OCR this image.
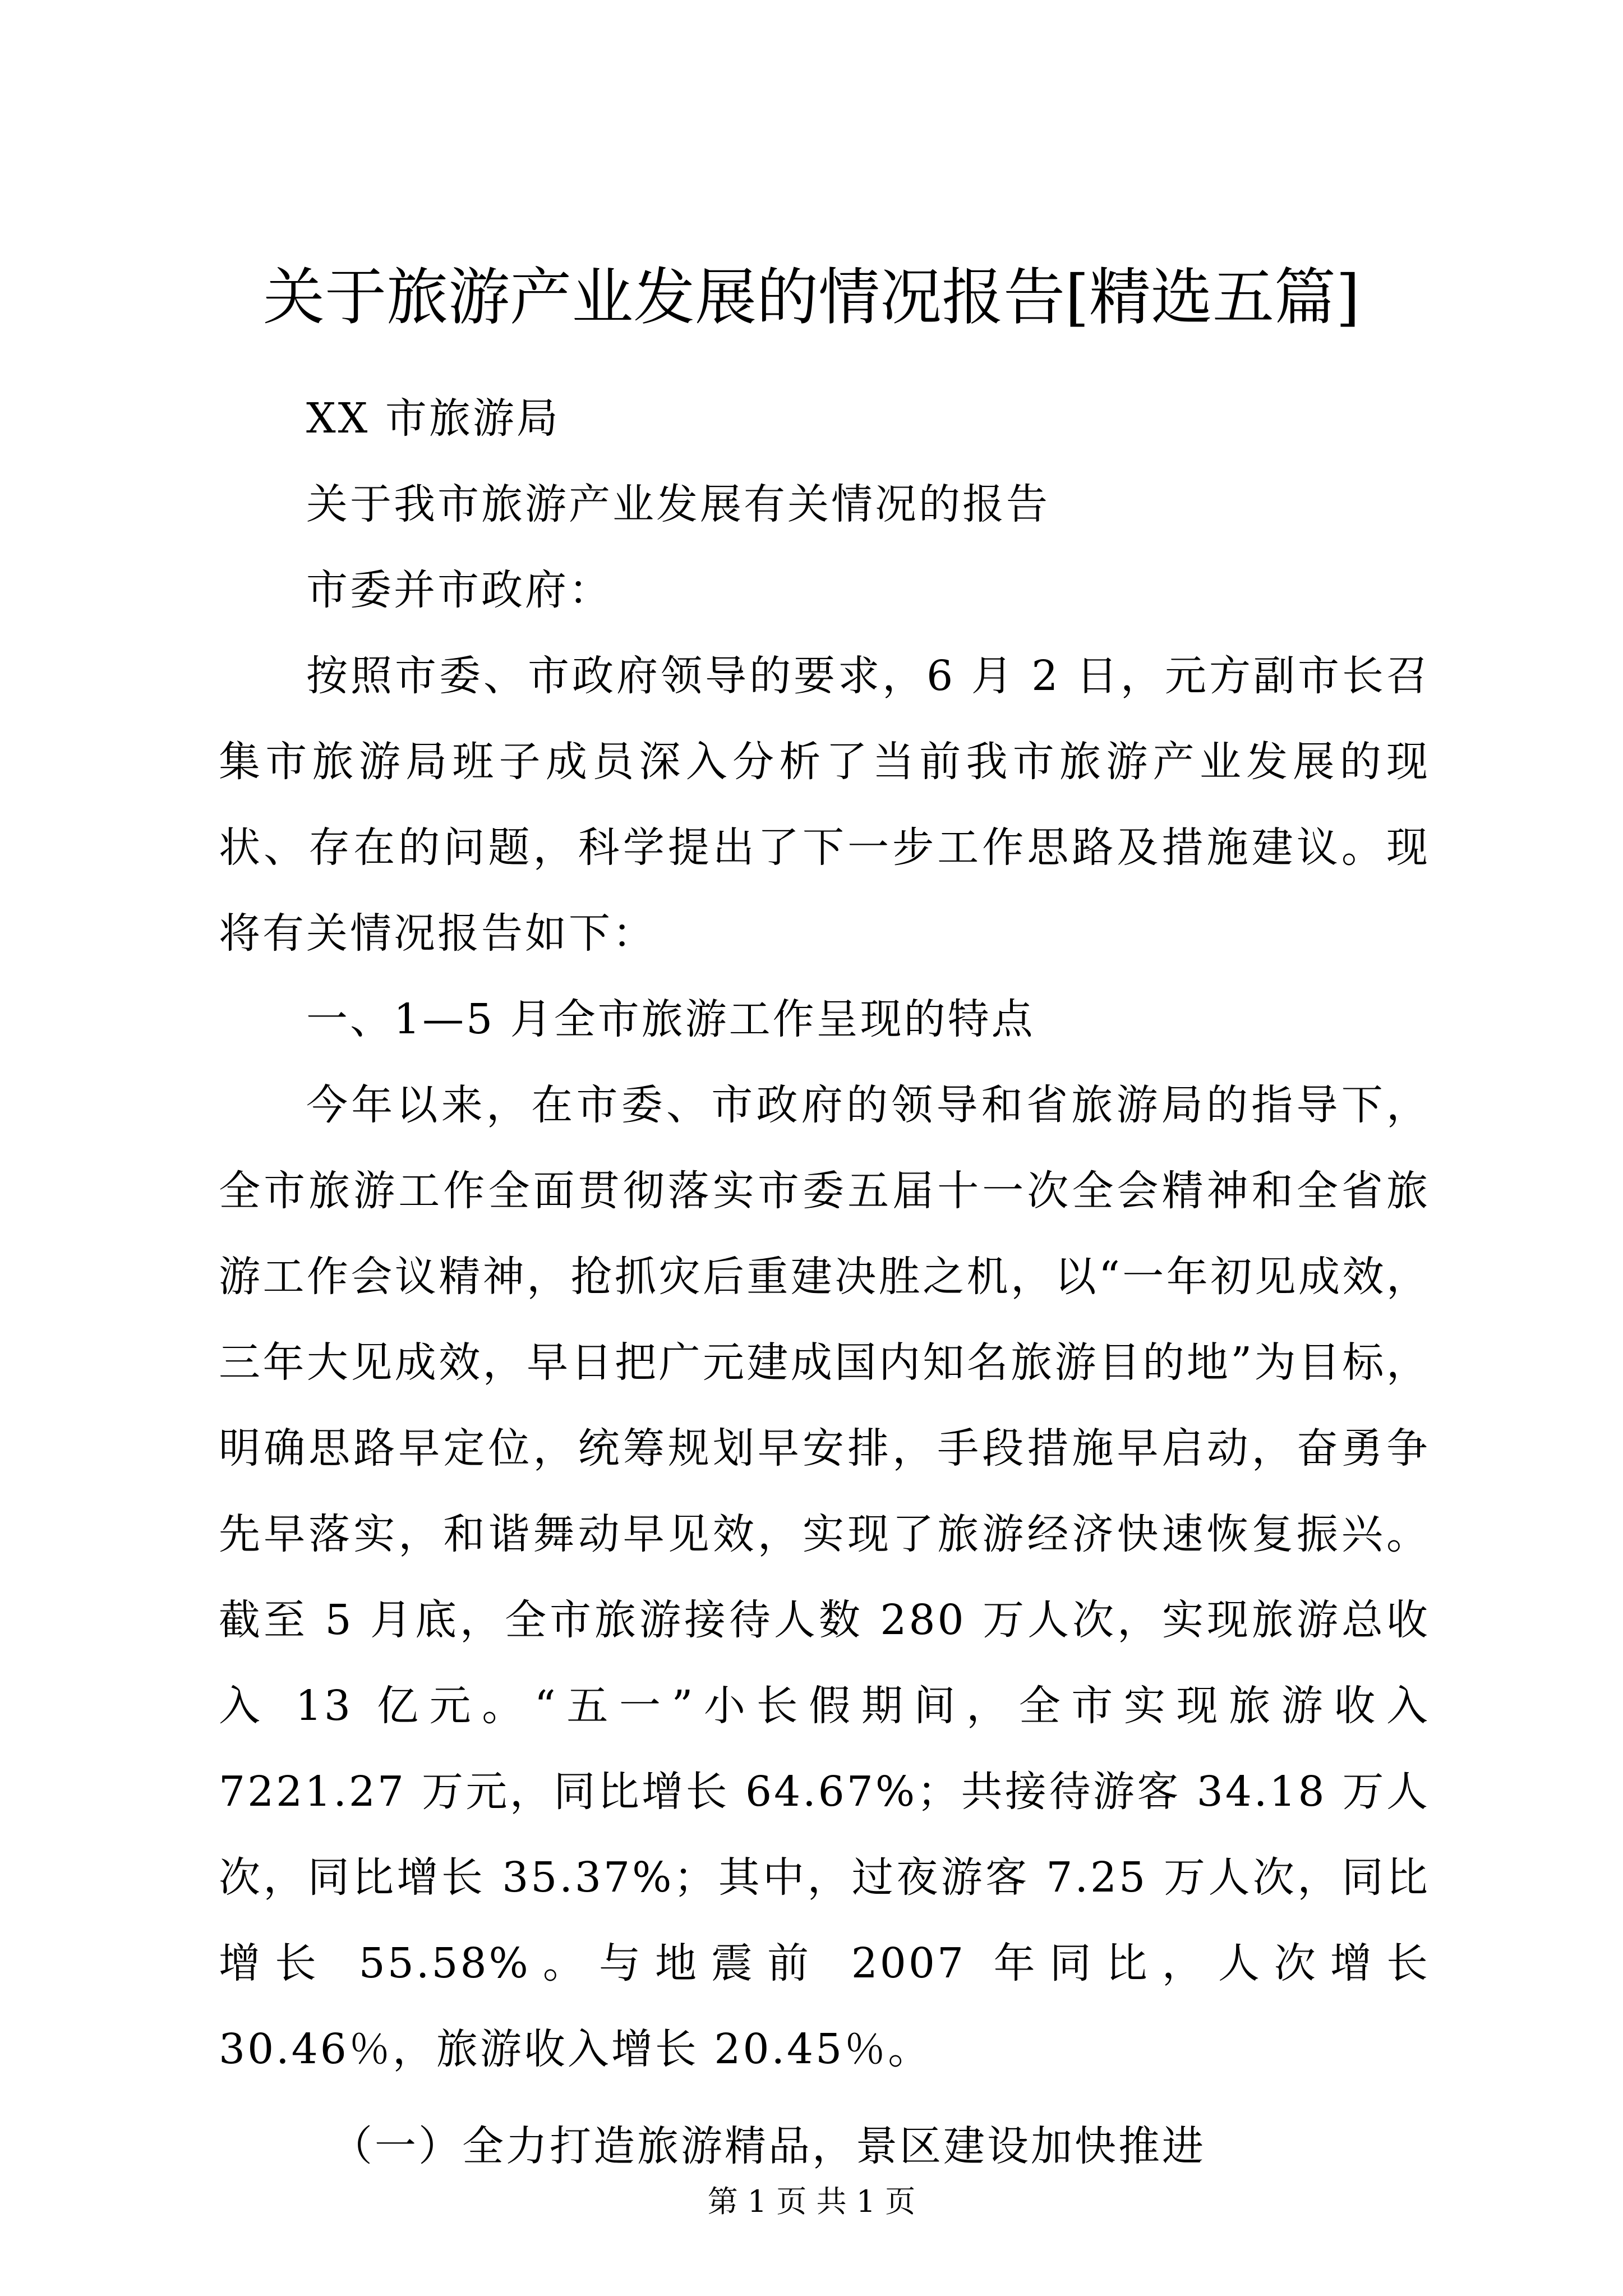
关于旅游产业发展的情况报告[精选五篇]

XX 市旅游局

关于我市旅游产业发展有关情况的报告

市委并市政府：

按照市委、市政府领导的要求，6 月 2 日，元方副市长召集市旅游局班子成员深入分析了当前我市旅游产业发展的现状、存在的问题，科学提出了下一步工作思路及措施建议。现将有关情况报告如下：

一、1—5 月全市旅游工作呈现的特点

今年以来，在市委、市政府的领导和省旅游局的指导下，全市旅游工作全面贯彻落实市委五届十一次全会精神和全省旅游工作会议精神，抢抓灾后重建决胜之机，以“一年初见成效，三年大见成效，早日把广元建成国内知名旅游目的地”为目标，明确思路早定位，统筹规划早安排，手段措施早启动，奋勇争先早落实，和谐舞动早见效，实现了旅游经济快速恢复振兴。截至 5 月底，全市旅游接待人数 280 万人次，实现旅游总收入 13 亿元。“五一”小长假期间，全市实现旅游收入 7221.27 万元，同比增长 64.67%；共接待游客 34.18 万人次，同比增长 35.37%；其中，过夜游客 7.25 万人次，同比增长 55.58%。与地震前 2007 年同比，人次增长 30.46％，旅游收入增长 20.45％。

（一）全力打造旅游精品，景区建设加快推进

第 1 页 共 1 页
